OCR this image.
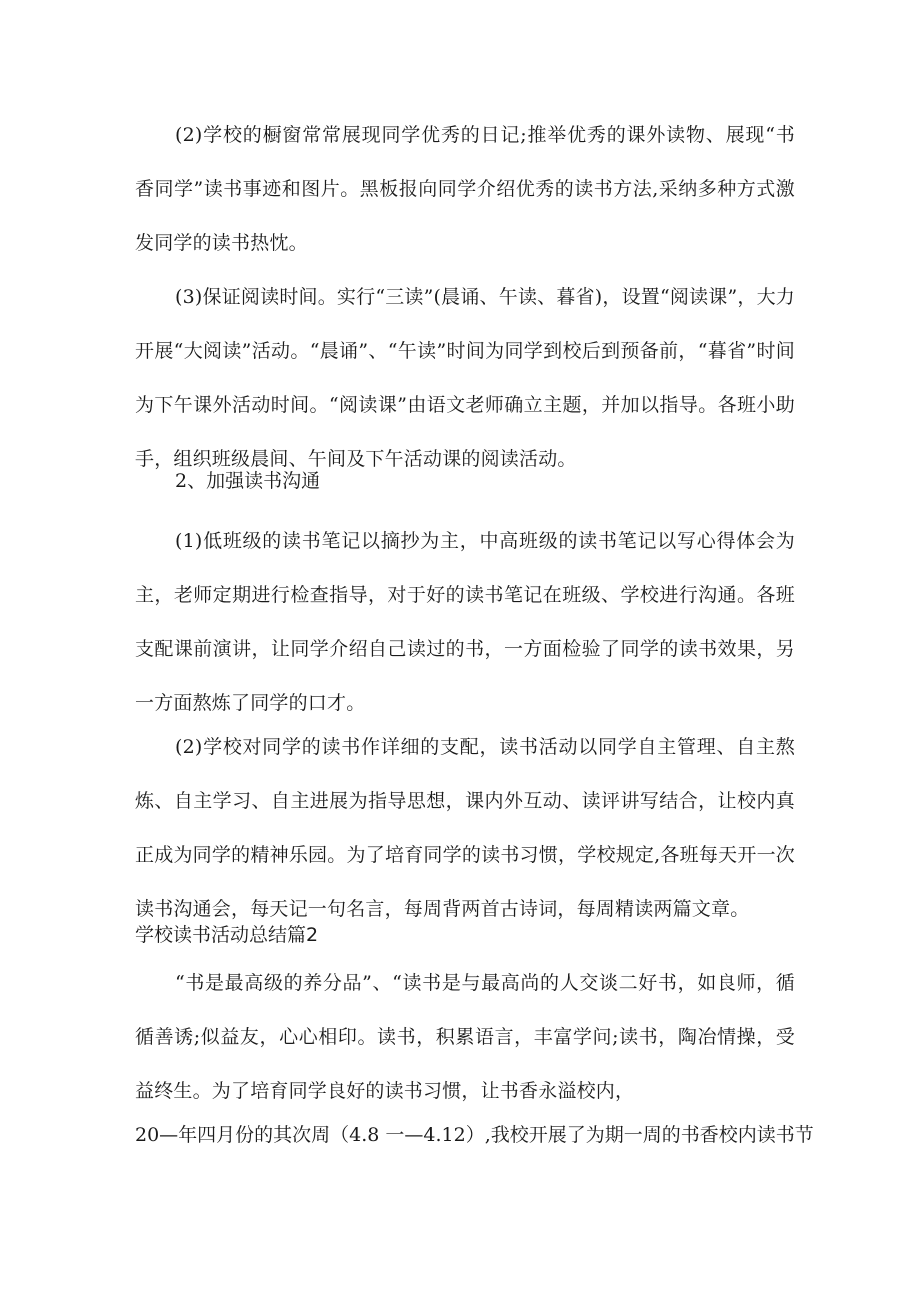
(2)学校的橱窗常常展现同学优秀的日记;推举优秀的课外读物、展现“书香同学”读书事迹和图片。黑板报向同学介绍优秀的读书方法,采纳多种方式激发同学的读书热忱。

(3)保证阅读时间。实行“三读”(晨诵、午读、暮省)，设置“阅读课”，大力开展“大阅读”活动。“晨诵”、“午读”时间为同学到校后到预备前，“暮省”时间为下午课外活动时间。“阅读课”由语文老师确立主题，并加以指导。各班小助手，组织班级晨间、午间及下午活动课的阅读活动。

2、加强读书沟通

(1)低班级的读书笔记以摘抄为主，中高班级的读书笔记以写心得体会为主，老师定期进行检查指导，对于好的读书笔记在班级、学校进行沟通。各班支配课前演讲，让同学介绍自己读过的书，一方面检验了同学的读书效果，另一方面熬炼了同学的口才。

(2)学校对同学的读书作详细的支配，读书活动以同学自主管理、自主熬炼、自主学习、自主进展为指导思想，课内外互动、读评讲写结合，让校内真正成为同学的精神乐园。为了培育同学的读书习惯，学校规定,各班每天开一次读书沟通会，每天记一句名言，每周背两首古诗词，每周精读两篇文章。

学校读书活动总结篇2

“书是最高级的养分品”、“读书是与最高尚的人交谈二好书，如良师，循循善诱;似益友，心心相印。读书，积累语言，丰富学问;读书，陶冶情操，受益终生。为了培育同学良好的读书习惯，让书香永溢校内，

20—年四月份的其次周（4.8 一—4.12）,我校开展了为期一周的书香校内读书节
